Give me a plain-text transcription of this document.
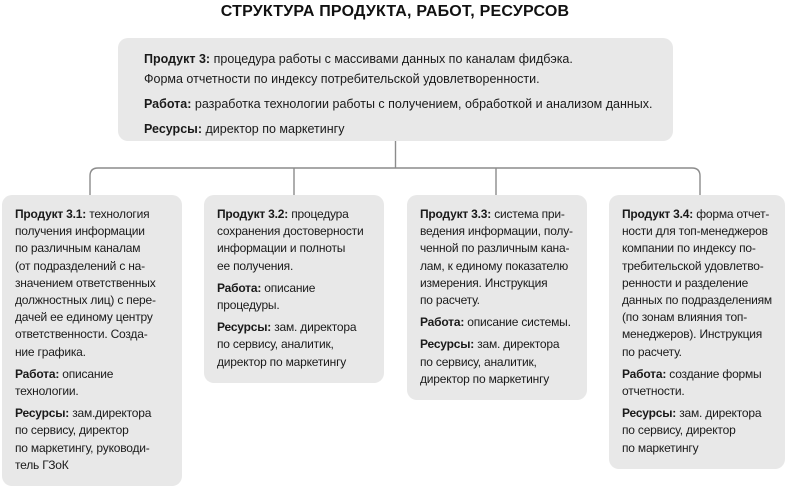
СТРУКТУРА ПРОДУКТА, РАБОТ, РЕСУРСОВ

Продукт 3: процедура работы с массивами данных по каналам фидбэка.
Форма отчетности по индексу потребительской удовлетворенности.

Работа: разработка технологии работы с получением, обработкой и анализом данных.

Ресурсы: директор по маркетингу

Продукт 3.1: технология
получения информации
по различным каналам
(от подразделений с на-
значением ответственных
должностных лиц) с пере-
дачей ее единому центру
ответственности. Созда-
ние графика.

Работа: описание
технологии.

Ресурсы: зам.директора
по сервису, директор
по маркетингу, руководи-
тель ГЗоК

Продукт 3.2: процедура
сохранения достоверности
информации и полноты
ее получения.

Работа: описание
процедуры.

Ресурсы: зам. директора
по сервису, аналитик,
директор по маркетингу

Продукт 3.3: система при-
ведения информации, полу-
ченной по различным кана-
лам, к единому показателю
измерения. Инструкция
по расчету.

Работа: описание системы.

Ресурсы: зам. директора
по сервису, аналитик,
директор по маркетингу

Продукт 3.4: форма отчет-
ности для топ-менеджеров
компании по индексу по-
требительской удовлетво-
ренности и разделение
данных по подразделениям
(по зонам влияния топ-
менеджеров). Инструкция
по расчету.

Работа: создание формы
отчетности.

Ресурсы: зам. директора
по сервису, директор
по маркетингу
